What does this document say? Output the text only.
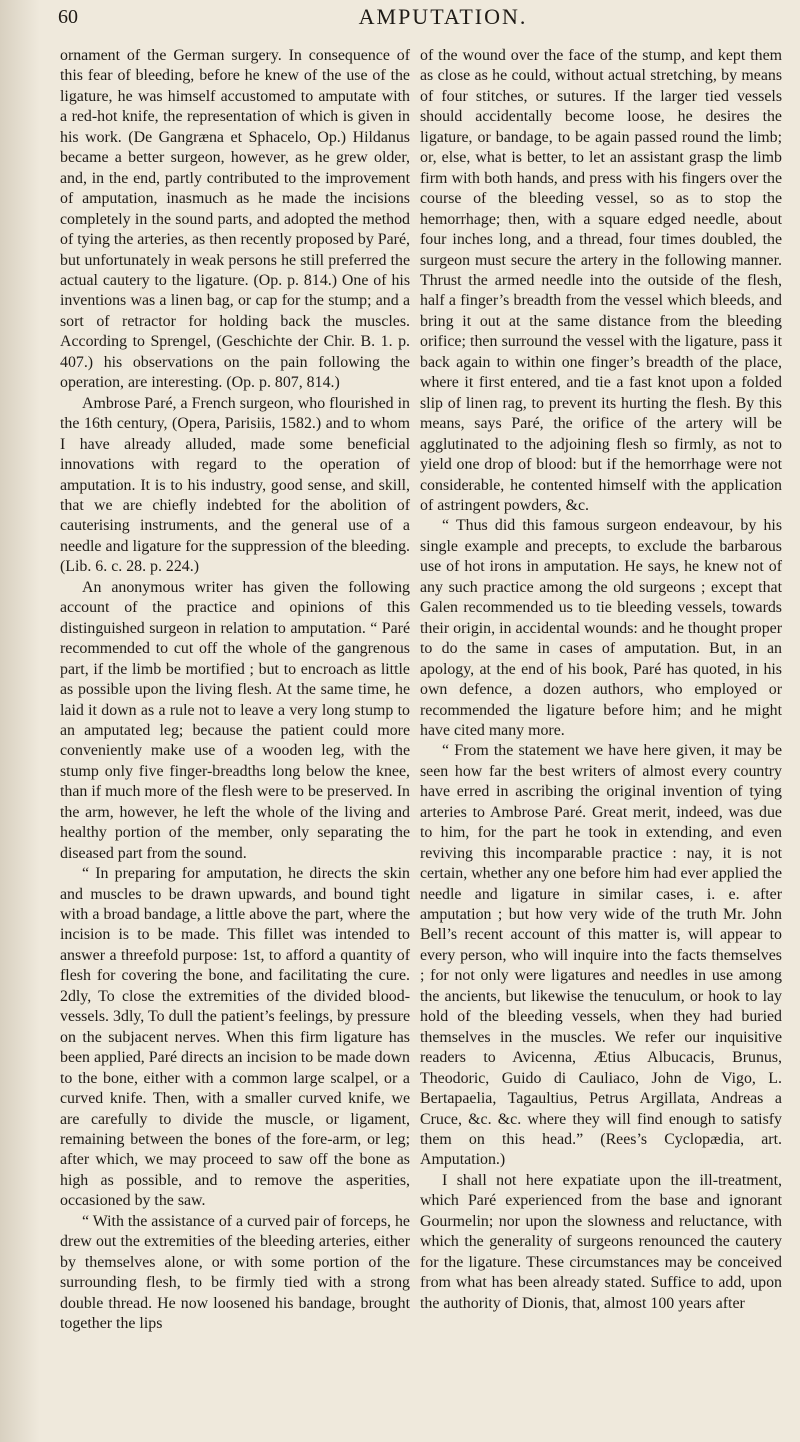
60	AMPUTATION.

ornament of the German surgery. In consequence of this fear of bleeding, before he knew of the use of the ligature, he was himself accustomed to amputate with a red-hot knife, the representation of which is given in his work. (De Gangræna et Sphacelo, Op.) Hildanus became a better surgeon, however, as he grew older, and, in the end, partly contributed to the improvement of amputation, inasmuch as he made the incisions completely in the sound parts, and adopted the method of tying the arteries, as then recently proposed by Paré, but unfortunately in weak persons he still preferred the actual cautery to the ligature. (Op. p. 814.) One of his inventions was a linen bag, or cap for the stump; and a sort of retractor for holding back the muscles. According to Sprengel, (Geschichte der Chir. B. 1. p. 407.) his observations on the pain following the operation, are interesting. (Op. p. 807, 814.)

Ambrose Paré, a French surgeon, who flourished in the 16th century, (Opera, Parisiis, 1582.) and to whom I have already alluded, made some beneficial innovations with regard to the operation of amputation. It is to his industry, good sense, and skill, that we are chiefly indebted for the abolition of cauterising instruments, and the general use of a needle and ligature for the suppression of the bleeding. (Lib. 6. c. 28. p. 224.)

An anonymous writer has given the following account of the practice and opinions of this distinguished surgeon in relation to amputation. “ Paré recommended to cut off the whole of the gangrenous part, if the limb be mortified ; but to encroach as little as possible upon the living flesh. At the same time, he laid it down as a rule not to leave a very long stump to an amputated leg; because the patient could more conveniently make use of a wooden leg, with the stump only five finger-breadths long below the knee, than if much more of the flesh were to be preserved. In the arm, however, he left the whole of the living and healthy portion of the member, only separating the diseased part from the sound.

“ In preparing for amputation, he directs the skin and muscles to be drawn upwards, and bound tight with a broad bandage, a little above the part, where the incision is to be made. This fillet was intended to answer a threefold purpose: 1st, to afford a quantity of flesh for covering the bone, and facilitating the cure. 2dly, To close the extremities of the divided blood-vessels. 3dly, To dull the patient’s feelings, by pressure on the subjacent nerves. When this firm ligature has been applied, Paré directs an incision to be made down to the bone, either with a common large scalpel, or a curved knife. Then, with a smaller curved knife, we are carefully to divide the muscle, or ligament, remaining between the bones of the fore-arm, or leg; after which, we may proceed to saw off the bone as high as possible, and to remove the asperities, occasioned by the saw.

“ With the assistance of a curved pair of forceps, he drew out the extremities of the bleeding arteries, either by themselves alone, or with some portion of the surrounding flesh, to be firmly tied with a strong double thread. He now loosened his bandage, brought together the lips

of the wound over the face of the stump, and kept them as close as he could, without actual stretching, by means of four stitches, or sutures. If the larger tied vessels should accidentally become loose, he desires the ligature, or bandage, to be again passed round the limb; or, else, what is better, to let an assistant grasp the limb firm with both hands, and press with his fingers over the course of the bleeding vessel, so as to stop the hemorrhage; then, with a square edged needle, about four inches long, and a thread, four times doubled, the surgeon must secure the artery in the following manner. Thrust the armed needle into the outside of the flesh, half a finger’s breadth from the vessel which bleeds, and bring it out at the same distance from the bleeding orifice; then surround the vessel with the ligature, pass it back again to within one finger’s breadth of the place, where it first entered, and tie a fast knot upon a folded slip of linen rag, to prevent its hurting the flesh. By this means, says Paré, the orifice of the artery will be agglutinated to the adjoining flesh so firmly, as not to yield one drop of blood: but if the hemorrhage were not considerable, he contented himself with the application of astringent powders, &c.

“ Thus did this famous surgeon endeavour, by his single example and precepts, to exclude the barbarous use of hot irons in amputation. He says, he knew not of any such practice among the old surgeons ; except that Galen recommended us to tie bleeding vessels, towards their origin, in accidental wounds: and he thought proper to do the same in cases of amputation. But, in an apology, at the end of his book, Paré has quoted, in his own defence, a dozen authors, who employed or recommended the ligature before him; and he might have cited many more.

“ From the statement we have here given, it may be seen how far the best writers of almost every country have erred in ascribing the original invention of tying arteries to Ambrose Paré. Great merit, indeed, was due to him, for the part he took in extending, and even reviving this incomparable practice : nay, it is not certain, whether any one before him had ever applied the needle and ligature in similar cases, i. e. after amputation ; but how very wide of the truth Mr. John Bell’s recent account of this matter is, will appear to every person, who will inquire into the facts themselves ; for not only were ligatures and needles in use among the ancients, but likewise the tenuculum, or hook to lay hold of the bleeding vessels, when they had buried themselves in the muscles. We refer our inquisitive readers to Avicenna, Ætius Albucacis, Brunus, Theodoric, Guido di Cauliaco, John de Vigo, L. Bertapaelia, Tagaultius, Petrus Argillata, Andreas a Cruce, &c. &c. where they will find enough to satisfy them on this head.” (Rees’s Cyclopædia, art. Amputation.)

I shall not here expatiate upon the ill-treatment, which Paré experienced from the base and ignorant Gourmelin; nor upon the slowness and reluctance, with which the generality of surgeons renounced the cautery for the ligature. These circumstances may be conceived from what has been already stated. Suffice to add, upon the authority of Dionis, that, almost 100 years after
